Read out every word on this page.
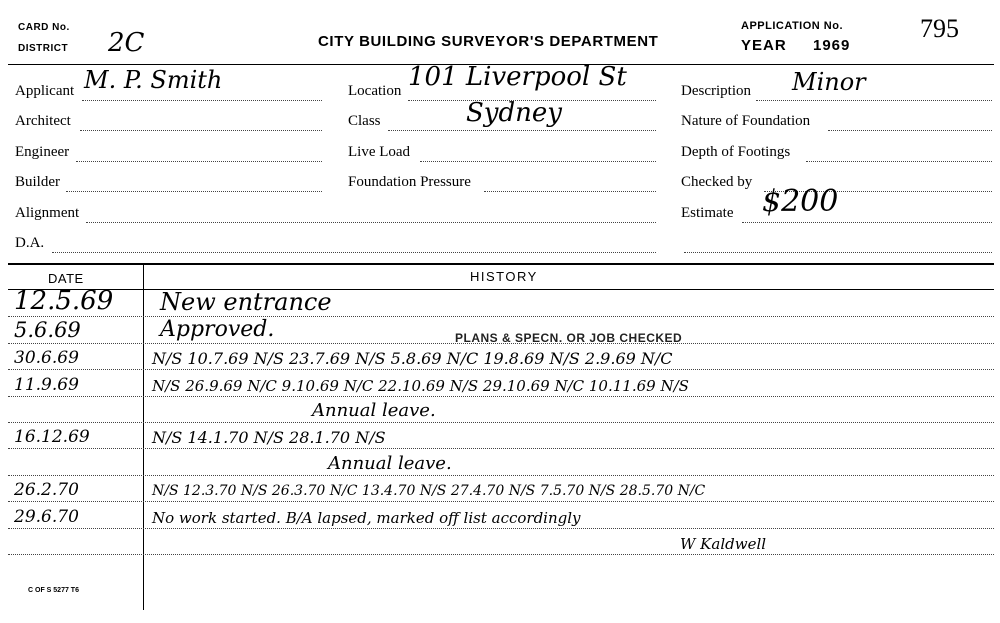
CARD No.
DISTRICT 2C	CITY BUILDING SURVEYOR'S DEPARTMENT
APPLICATION No.	795
YEAR 1969
Applicant M. P. Smith
Architect
Engineer
Builder
Alignment
D.A.
Location 101 Liverpool St
Sydney
Class
Live Load
Foundation Pressure
Description Minor
Nature of Foundation
Depth of Footings
Checked by
Estimate $200
DATE	HISTORY
12.5.69 New entrance
5.6.69	Approved.
30.6.69	N/S 10.7.69 N/S 23.7.69 N/S 5.8.69 N/C 19.8.69 N/S 2.9.69 N/C
11.9.69	N/S 26.9.69 N/C 9.10.69 N/C 22.10.69 N/S 29.10.69 N/C 10.11.69 N/S
Annual leave.
16.12.69	N/S 14.1.70 N/S 28.1.70 N/S
Annual leave.
26.2.70	N/S 12.3.70 N/S 26.3.70 N/C 13.4.70 N/S 27.4.70 N/S 7.5.70 N/S 28.5.70 N/C
29.6.70	No work started. B/A lapsed, marked off list accordingly
W Kaldwell
PLANS & SPECN. OR JOB CHECKED
C OF S 5277 T6
